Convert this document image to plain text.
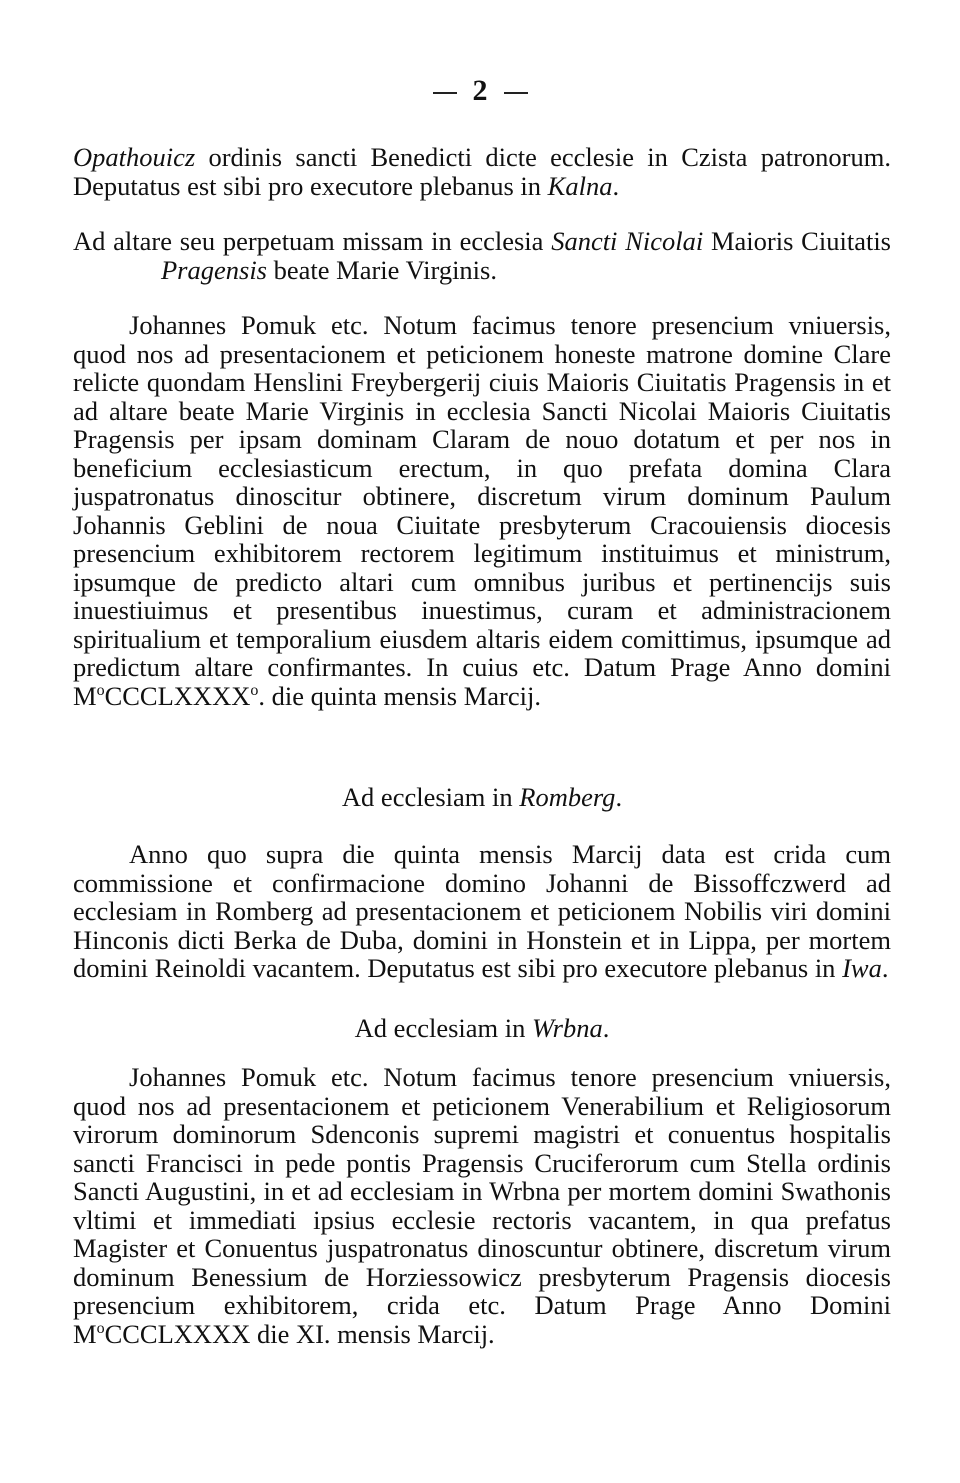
2

Opathouicz ordinis sancti Benedicti dicte ecclesie in Czista patronorum. Deputatus est sibi pro executore plebanus in Kalna.

Ad altare seu perpetuam missam in ecclesia Sancti Nicolai Maioris Ciuitatis Pragensis beate Marie Virginis.

Johannes Pomuk etc. Notum facimus tenore presencium vniuersis, quod nos ad presentacionem et peticionem honeste matrone domine Clare relicte quondam Henslini Freybergerij ciuis Maioris Ciuitatis Pragensis in et ad altare beate Marie Virginis in ecclesia Sancti Nicolai Maioris Ciuitatis Pragensis per ipsam dominam Claram de nouo dotatum et per nos in beneficium ecclesiasticum erectum, in quo prefata domina Clara juspatronatus dinoscitur obtinere, discretum virum dominum Paulum Johannis Geblini de noua Ciuitate presbyterum Cracouiensis diocesis presencium exhibitorem rectorem legitimum instituimus et ministrum, ipsumque de predicto altari cum omnibus juribus et pertinencijs suis inuestiuimus et presentibus inuestimus, curam et administracionem spiritualium et temporalium eiusdem altaris eidem comittimus, ipsumque ad predictum altare confirmantes. In cuius etc. Datum Prage Anno domini $M^oCCCLXXXX^o$. die quinta mensis Marcij.

Ad ecclesiam in Romberg.

Anno quo supra die quinta mensis Marcij data est crida cum commissione et confirmacione domino Johanni de Bissoffczwerd ad ecclesiam in Romberg ad presentacionem et peticionem Nobilis viri domini Hinconis dicti Berka de Duba, domini in Honstein et in Lippa, per mortem domini Reinoldi vacantem. Deputatus est sibi pro executore plebanus in Iwa.

Ad ecclesiam in Wrbna.

Johannes Pomuk etc. Notum facimus tenore presencium vniuersis, quod nos ad presentacionem et peticionem Venerabilium et Religiosorum virorum dominorum Sdenconis supremi magistri et conuentus hospitalis sancti Francisci in pede pontis Pragensis Cruciferorum cum Stella ordinis Sancti Augustini, in et ad ecclesiam in Wrbna per mortem domini Swathonis vltimi et immediati ipsius ecclesie rectoris vacantem, in qua prefatus Magister et Conuentus juspatronatus dinoscuntur obtinere, discretum virum dominum Benessium de Horziessowicz presbyterum Pragensis diocesis presencium exhibitorem, crida etc. Datum Prage Anno Domini $M^oCCCLXXXX$ die XI. mensis Marcij.
